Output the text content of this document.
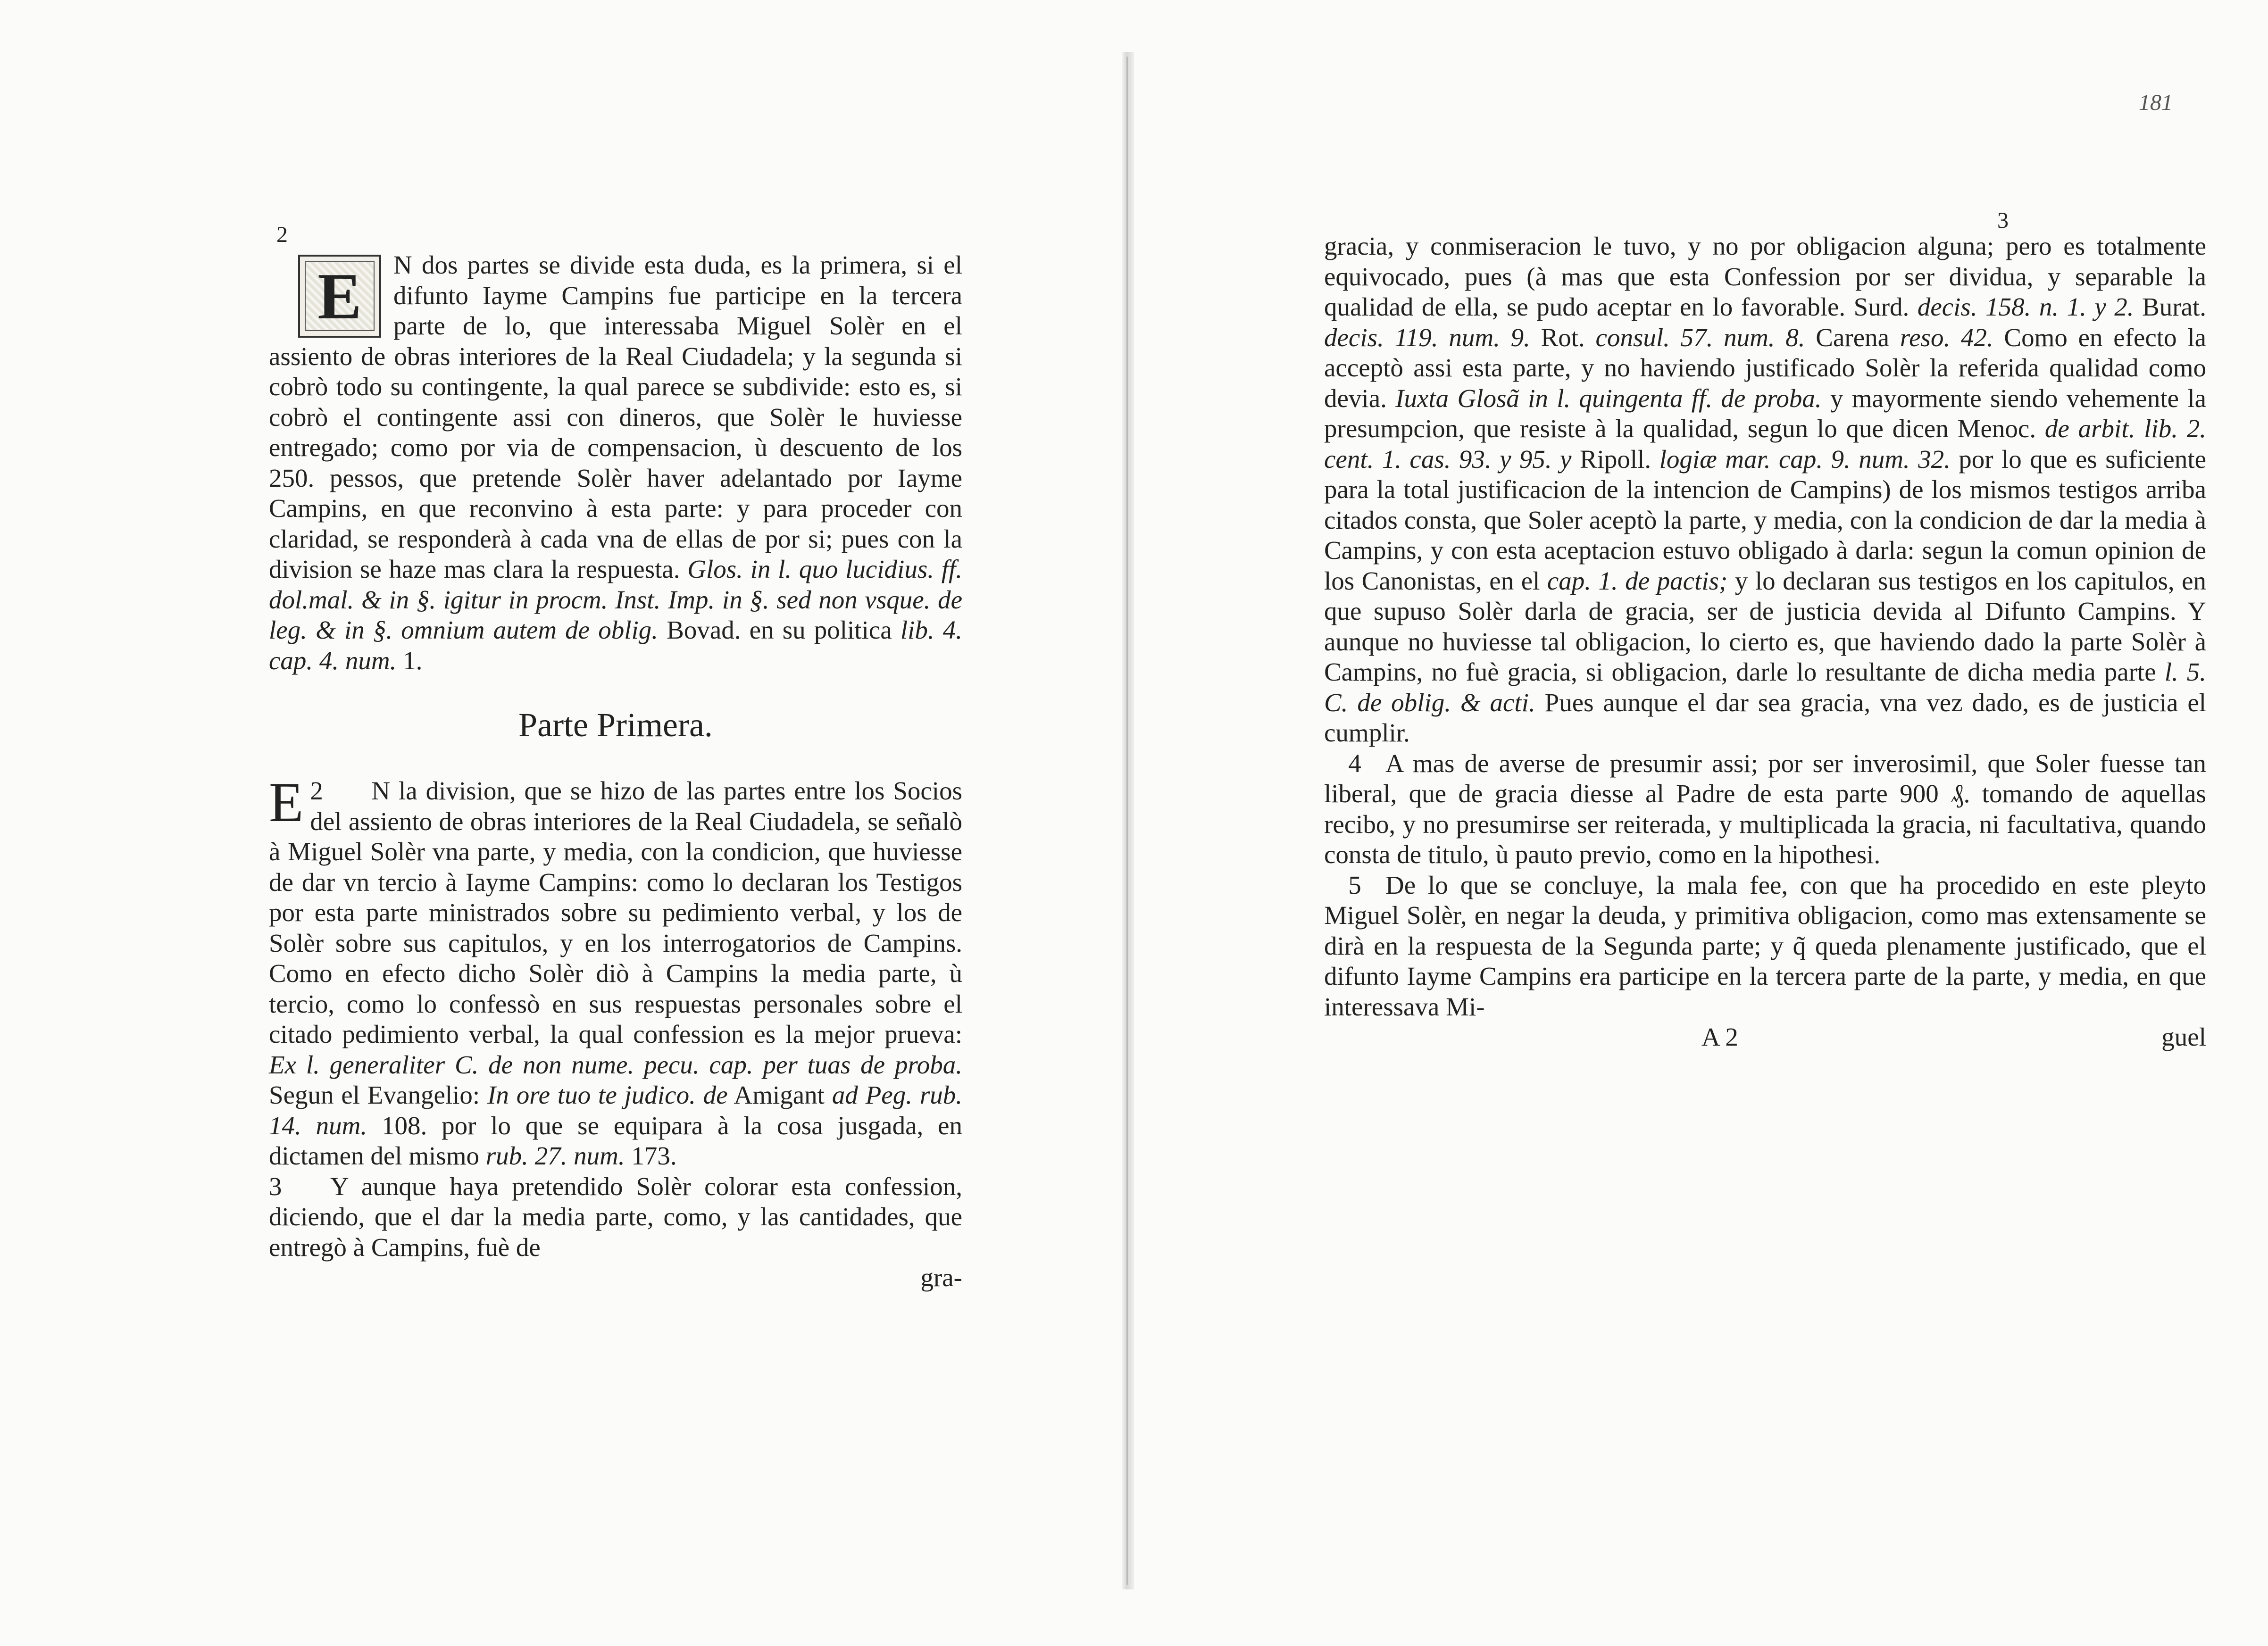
2

E	N dos partes se divide esta duda, es la primera, si el difunto Iayme Campins fue participe en la tercera parte de lo, que interessaba Miguel Solèr en el assiento de obras interiores de la Real Ciudadela; y la segunda si cobrò todo su contingente, la qual parece se subdivide: esto es, si cobrò el contingente assi con dineros, que Solèr le huviesse entregado; como por via de compensacion, ù descuento de los 250. pessos, que pretende Solèr haver adelantado por Iayme Campins, en que reconvino à esta parte: y para proceder con claridad, se responderà à cada vna de ellas de por si; pues con la division se haze mas clara la respuesta. Glos. in l. quo lucidius. ff. dol.mal. & in §. igitur in procm. Inst. Imp. in §. sed non vsque. de leg. & in §. omnium autem de oblig. Bovad. en su politica lib. 4. cap. 4. num. 1.

Parte Primera.

2
E	N la division, que se hizo de las partes entre los Socios del assiento de obras interiores de la Real Ciudadela, se señalò à Miguel Solèr vna parte, y media, con la condicion, que huviesse de dar vn tercio à Iayme Campins: como lo declaran los Testigos por esta parte ministrados sobre su pedimiento verbal, y los de Solèr sobre sus capitulos, y en los interrogatorios de Campins. Como en efecto dicho Solèr diò à Campins la media parte, ù tercio, como lo confessò en sus respuestas personales sobre el citado pedimiento verbal, la qual confession es la mejor prueva: Ex l. generaliter C. de non nume. pecu. cap. per tuas de proba. Segun el Evangelio: In ore tuo te judico. de Amigant ad Peg. rub. 14. num. 108. por lo que se equipara à la cosa jusgada, en dictamen del mismo rub. 27. num. 173.

3 Y aunque haya pretendido Solèr colorar esta confession, diciendo, que el dar la media parte, como, y las cantidades, que entregò à Campins, fuè de

gra-
181
3

gracia, y conmiseracion le tuvo, y no por obligacion alguna; pero es totalmente equivocado, pues (à mas que esta Confession por ser dividua, y separable la qualidad de ella, se pudo aceptar en lo favorable. Surd. decis. 158. n. 1. y 2. Burat. decis. 119. num. 9. Rot. consul. 57. num. 8. Carena reso. 42. Como en efecto la acceptò assi esta parte, y no haviendo justificado Solèr la referida qualidad como devia. Iuxta Glosã in l. quingenta ff. de proba. y mayormente siendo vehemente la presumpcion, que resiste à la qualidad, segun lo que dicen Menoc. de arbit. lib. 2. cent. 1. cas. 93. y 95. y Ripoll. logiæ mar. cap. 9. num. 32. por lo que es suficiente para la total justificacion de la intencion de Campins) de los mismos testigos arriba citados consta, que Soler aceptò la parte, y media, con la condicion de dar la media à Campins, y con esta aceptacion estuvo obligado à darla: segun la comun opinion de los Canonistas, en el cap. 1. de pactis; y lo declaran sus testigos en los capitulos, en que supuso Solèr darla de gracia, ser de justicia devida al Difunto Campins. Y aunque no huviesse tal obligacion, lo cierto es, que haviendo dado la parte Solèr à Campins, no fuè gracia, si obligacion, darle lo resultante de dicha media parte l. 5. C. de oblig. & acti. Pues aunque el dar sea gracia, vna vez dado, es de justicia el cumplir.

4 A mas de averse de presumir assi; por ser inverosimil, que Soler fuesse tan liberal, que de gracia diesse al Padre de esta parte 900 ₰. tomando de aquellas recibo, y no presumirse ser reiterada, y multiplicada la gracia, ni facultativa, quando consta de titulo, ù pauto previo, como en la hipothesi.

5 De lo que se concluye, la mala fee, con que ha procedido en este pleyto Miguel Solèr, en negar la deuda, y primitiva obligacion, como mas extensamente se dirà en la respuesta de la Segunda parte; y q̃ queda plenamente justificado, que el difunto Iayme Campins era participe en la tercera parte de la parte, y media, en que interessava Mi-

A 2	guel
